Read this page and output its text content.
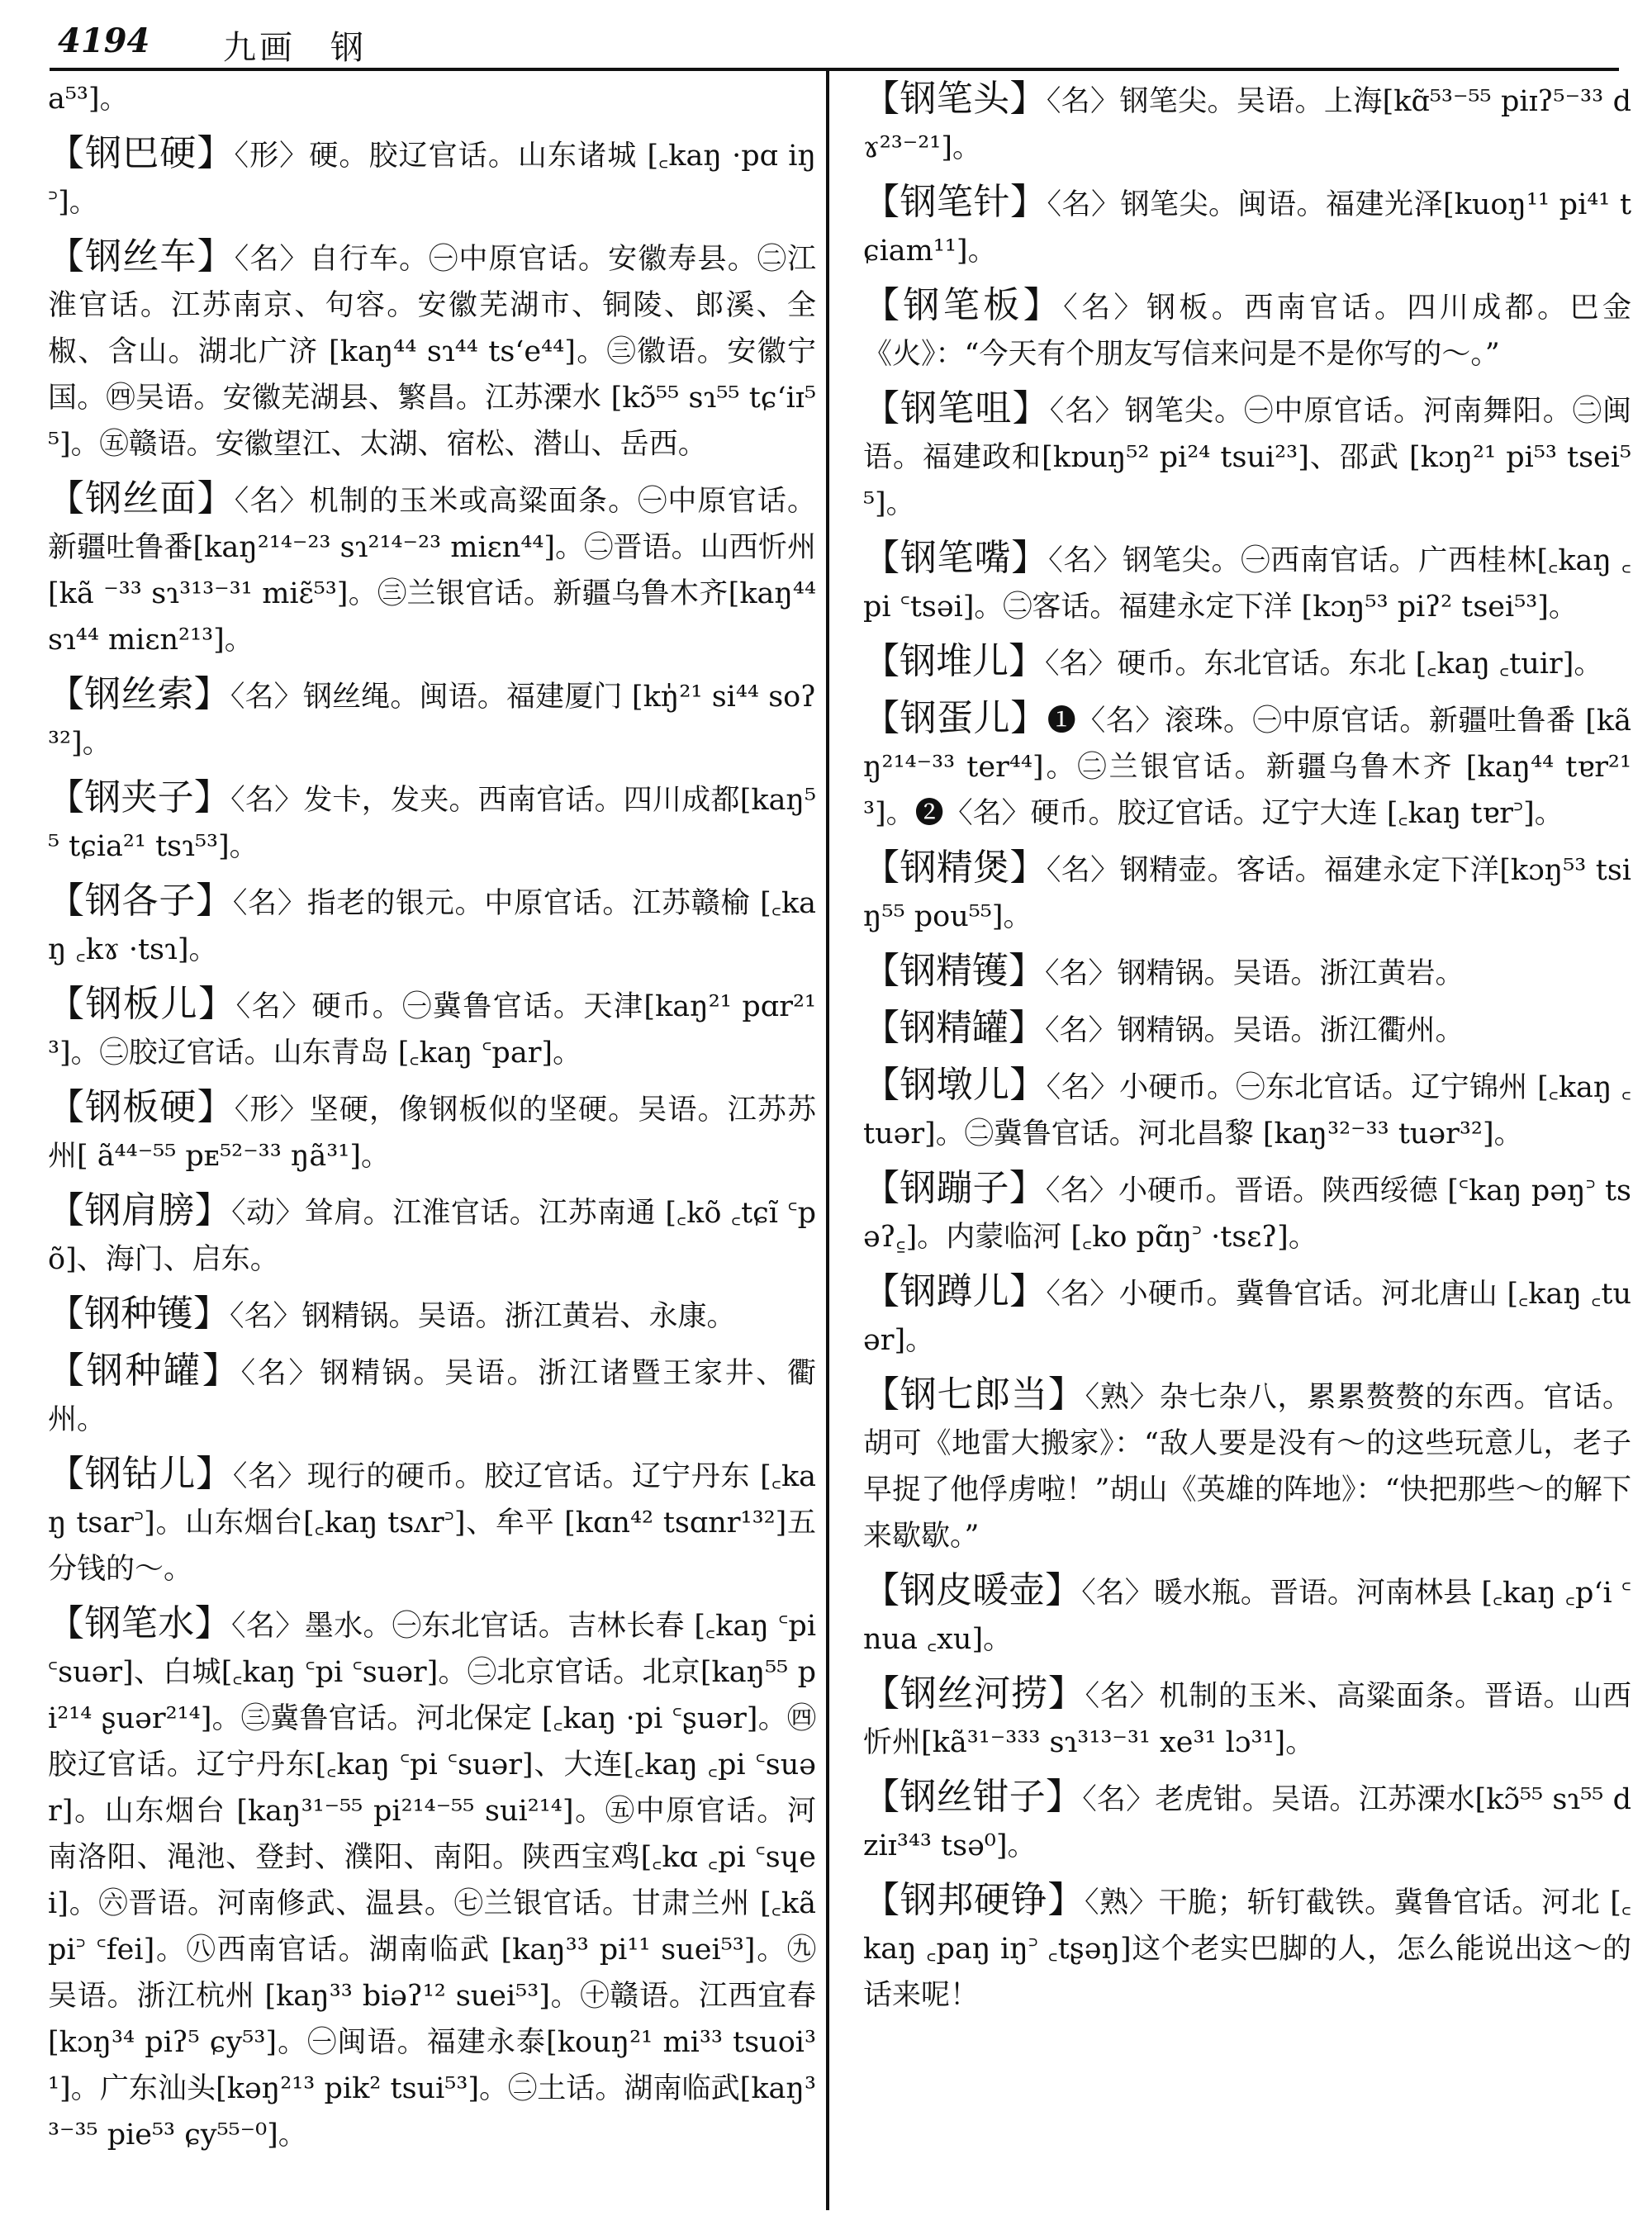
4194 九画 钢
a⁵³]。
【钢巴硬】〈形〉硬。胶辽官话。山东诸城 [꜀kaŋ ·pɑ iŋ꜄]。
【钢丝车】〈名〉自行车。㊀中原官话。安徽寿县。㊁江淮官话。江苏南京、句容。安徽芜湖市、铜陵、郎溪、全椒、含山。湖北广济 [kaŋ⁴⁴ sɿ⁴⁴ tsʻe⁴⁴]。㊂徽语。安徽宁国。㊃吴语。安徽芜湖县、繁昌。江苏溧水 [kɔ̃⁵⁵ sɿ⁵⁵ tɕʻiɪ⁵⁵]。㊄赣语。安徽望江、太湖、宿松、潜山、岳西。
【钢丝面】〈名〉机制的玉米或高粱面条。㊀中原官话。新疆吐鲁番[kaŋ²¹⁴⁻²³ sɿ²¹⁴⁻²³ miɛn⁴⁴]。㊁晋语。山西忻州[kã ⁻³³ sɿ³¹³⁻³¹ miɛ̃⁵³]。㊂兰银官话。新疆乌鲁木齐[kaŋ⁴⁴ sɿ⁴⁴ miɛn²¹³]。
【钢丝索】〈名〉钢丝绳。闽语。福建厦门 [kŋ̍²¹ si⁴⁴ soʔ³²]。
【钢夹子】〈名〉发卡，发夹。西南官话。四川成都[kaŋ⁵⁵ tɕia²¹ tsɿ⁵³]。
【钢各子】〈名〉指老的银元。中原官话。江苏赣榆 [꜀kaŋ ꜀kɤ ·tsɿ]。
【钢板儿】〈名〉硬币。㊀冀鲁官话。天津[kaŋ²¹ pɑr²¹³]。㊁胶辽官话。山东青岛 [꜀kaŋ ꜂par]。
【钢板硬】〈形〉坚硬，像钢板似的坚硬。吴语。江苏苏州[ ã⁴⁴⁻⁵⁵ pᴇ⁵²⁻³³ ŋã³¹]。
【钢肩膀】〈动〉耸肩。江淮官话。江苏南通 [꜀kõ ꜀tɕĩ ꜂põ]、海门、启东。
【钢种镬】〈名〉钢精锅。吴语。浙江黄岩、永康。
【钢种罐】〈名〉钢精锅。吴语。浙江诸暨王家井、衢州。
【钢钻儿】〈名〉现行的硬币。胶辽官话。辽宁丹东 [꜀kaŋ tsar꜄]。山东烟台[꜀kaŋ tsʌr꜄]、牟平 [kɑn⁴² tsɑnr¹³²]五分钱的～。
【钢笔水】〈名〉墨水。㊀东北官话。吉林长春 [꜀kaŋ ꜂pi ꜂suər]、白城[꜀kaŋ ꜂pi ꜂suər]。㊁北京官话。北京[kaŋ⁵⁵ pi²¹⁴ ʂuər²¹⁴]。㊂冀鲁官话。河北保定 [꜀kaŋ ·pi ꜂ʂuər]。㊃胶辽官话。辽宁丹东[꜀kaŋ ꜂pi ꜂suər]、大连[꜀kaŋ ꜀pi ꜂suər]。山东烟台 [kaŋ³¹⁻⁵⁵ pi²¹⁴⁻⁵⁵ sui²¹⁴]。㊄中原官话。河南洛阳、渑池、登封、濮阳、南阳。陕西宝鸡[꜀kɑ ꜀pi ꜂sɥei]。㊅晋语。河南修武、温县。㊆兰银官话。甘肃兰州 [꜀kã pi꜄ ꜂fei]。㊇西南官话。湖南临武 [kaŋ³³ pi¹¹ suei⁵³]。㊈吴语。浙江杭州 [kaŋ³³ biəʔ¹² suei⁵³]。㊉赣语。江西宜春[kɔŋ³⁴ piʔ⁵ ɕy⁵³]。㊀闽语。福建永泰[kouŋ²¹ mi³³ tsuoi³¹]。广东汕头[kəŋ²¹³ pik² tsui⁵³]。㊁土话。湖南临武[kaŋ³³⁻³⁵ pie⁵³ ɕy⁵⁵⁻⁰]。
【钢笔头】〈名〉钢笔尖。吴语。上海[kɑ̃⁵³⁻⁵⁵ piɪʔ⁵⁻³³ dɤ²³⁻²¹]。
【钢笔针】〈名〉钢笔尖。闽语。福建光泽[kuoŋ¹¹ pi⁴¹ tɕiam¹¹]。
【钢笔板】〈名〉钢板。西南官话。四川成都。巴金《火》：“今天有个朋友写信来问是不是你写的～。”
【钢笔咀】〈名〉钢笔尖。㊀中原官话。河南舞阳。㊁闽语。福建政和[kɒuŋ⁵² pi²⁴ tsui²³]、邵武 [kɔŋ²¹ pi⁵³ tsei⁵⁵]。
【钢笔嘴】〈名〉钢笔尖。㊀西南官话。广西桂林[꜀kaŋ ꜀pi ꜂tsəi]。㊁客话。福建永定下洋 [kɔŋ⁵³ piʔ² tsei⁵³]。
【钢堆儿】〈名〉硬币。东北官话。东北 [꜀kaŋ ꜀tuir]。
【钢蛋儿】❶〈名〉滚珠。㊀中原官话。新疆吐鲁番 [kãŋ²¹⁴⁻³³ ter⁴⁴]。㊁兰银官话。新疆乌鲁木齐 [kaŋ⁴⁴ tɐr²¹³]。❷〈名〉硬币。胶辽官话。辽宁大连 [꜀kaŋ tɐr꜄]。
【钢精煲】〈名〉钢精壶。客话。福建永定下洋[kɔŋ⁵³ tsiŋ⁵⁵ pou⁵⁵]。
【钢精镬】〈名〉钢精锅。吴语。浙江黄岩。
【钢精罐】〈名〉钢精锅。吴语。浙江衢州。
【钢墩儿】〈名〉小硬币。㊀东北官话。辽宁锦州 [꜀kaŋ ꜀tuər]。㊁冀鲁官话。河北昌黎 [kaŋ³²⁻³³ tuər³²]。
【钢蹦子】〈名〉小硬币。晋语。陕西绥德 [꜂kaŋ pəŋ꜄ tsəʔ꜁]。内蒙临河 [꜀ko pɑ̃ŋ꜄ ·tsɛʔ]。
【钢蹲儿】〈名〉小硬币。冀鲁官话。河北唐山 [꜀kaŋ ꜀tuər]。
【钢七郎当】〈熟〉杂七杂八，累累赘赘的东西。官话。胡可《地雷大搬家》：“敌人要是没有～的这些玩意儿，老子早捉了他俘虏啦！”胡山《英雄的阵地》：“快把那些～的解下来歇歇。”
【钢皮暖壶】〈名〉暖水瓶。晋语。河南林县 [꜀kaŋ ꜀pʻi ꜂nua ꜀xu]。
【钢丝河捞】〈名〉机制的玉米、高粱面条。晋语。山西忻州[kã³¹⁻³³³ sɿ³¹³⁻³¹ xe³¹ lɔ³¹]。
【钢丝钳子】〈名〉老虎钳。吴语。江苏溧水[kɔ̃⁵⁵ sɿ⁵⁵ dziɪ³⁴³ tsə⁰]。
【钢邦硬铮】〈熟〉干脆；斩钉截铁。冀鲁官话。河北 [꜀kaŋ ꜀paŋ iŋ꜄ ꜀tʂəŋ]这个老实巴脚的人，怎么能说出这～的话来呢！
